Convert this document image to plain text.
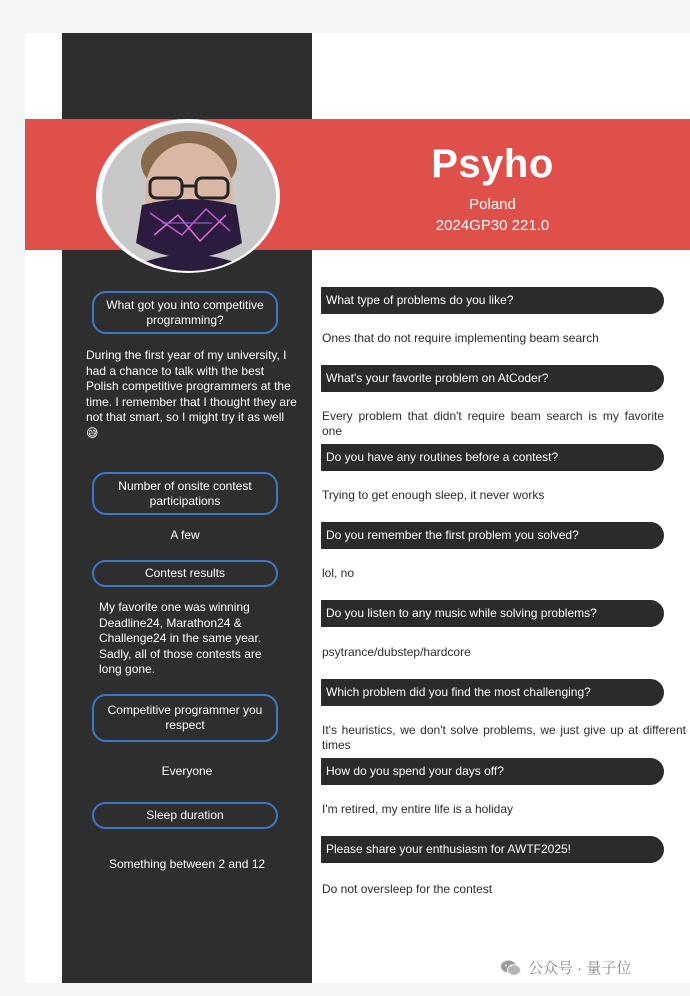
Psyho
Poland
2024GP30 221.0
What got you into competitive programming?
During the first year of my university, I had a chance to talk with the best Polish competitive programmers at the time. I remember that I thought they are not that smart, so I might try it as well 😅
Number of onsite contest participations
A few
Contest results
My favorite one was winning Deadline24, Marathon24 & Challenge24 in the same year. Sadly, all of those contests are long gone.
Competitive programmer you respect
Everyone
Sleep duration
Something between 2 and 12
What type of problems do you like?
Ones that do not require implementing beam search
What's your favorite problem on AtCoder?
Every problem that didn't require beam search is my favorite one
Do you have any routines before a contest?
Trying to get enough sleep, it never works
Do you remember the first problem you solved?
lol, no
Do you listen to any music while solving problems?
psytrance/dubstep/hardcore
Which problem did you find the most challenging?
It's heuristics, we don't solve problems, we just give up at different times
How do you spend your days off?
I'm retired, my entire life is a holiday
Please share your enthusiasm for AWTF2025!
Do not oversleep for the contest
公众号 · 量子位
